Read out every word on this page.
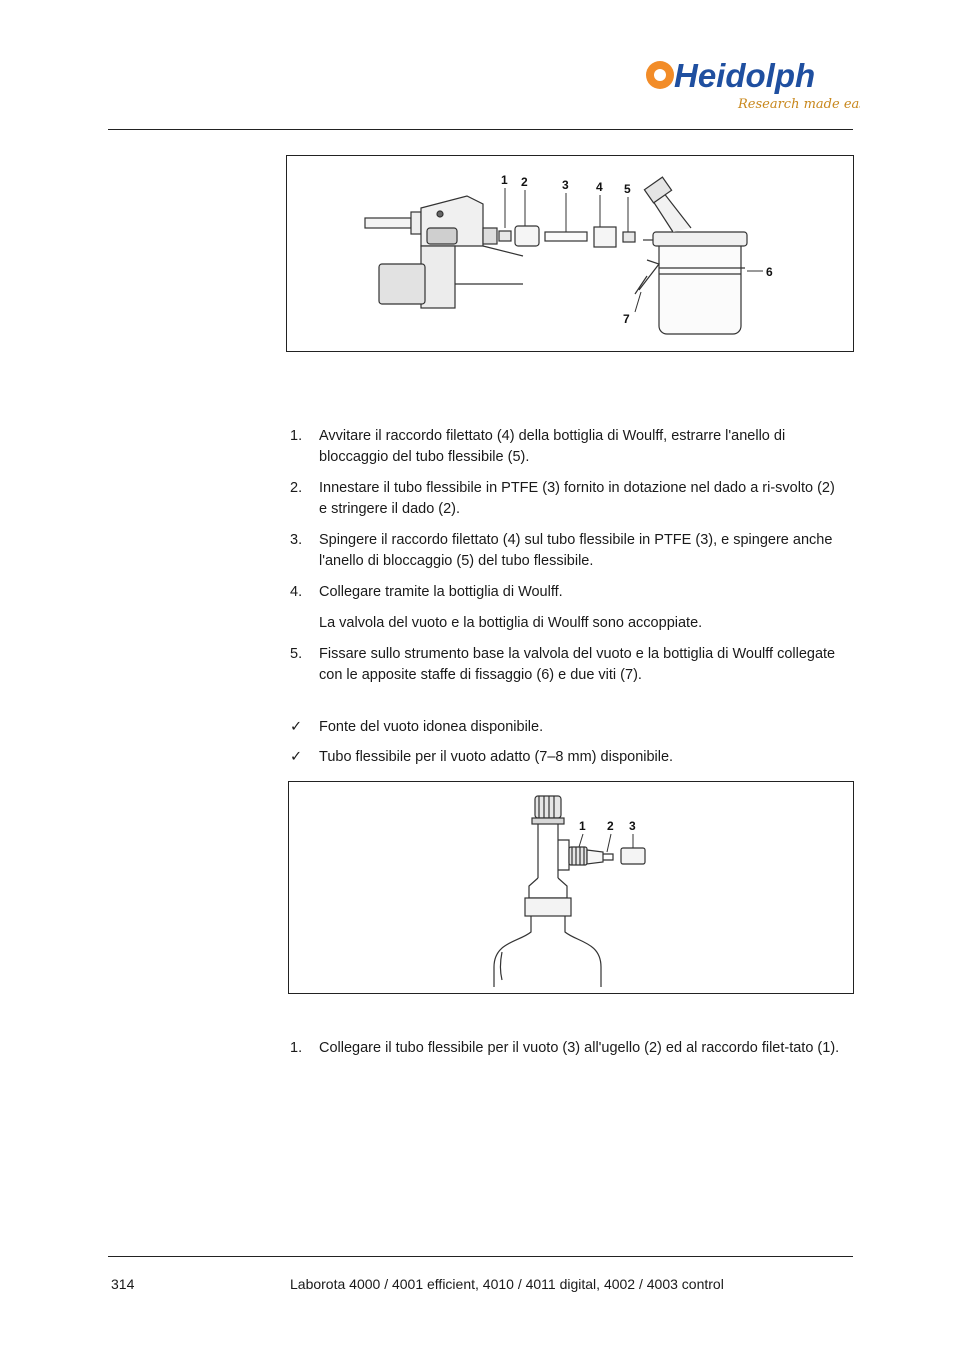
Heidolph
Research made easy
1 2	3 4 5
6
7
1. Avvitare il raccordo filettato (4) della bottiglia di Woulff, estrarre l'anello di bloccaggio del tubo flessibile (5).
2. Innestare il tubo flessibile in PTFE (3) fornito in dotazione nel dado a ri-svolto (2) e stringere il dado (2).
3. Spingere il raccordo filettato (4) sul tubo flessibile in PTFE (3), e spingere anche l'anello di bloccaggio (5) del tubo flessibile.
4. Collegare tramite la bottiglia di Woulff.
La valvola del vuoto e la bottiglia di Woulff sono accoppiate.
5. Fissare sullo strumento base la valvola del vuoto e la bottiglia di Woulff collegate con le apposite staffe di fissaggio (6) e due viti (7).
✓ Fonte del vuoto idonea disponibile.
✓ Tubo flessibile per il vuoto adatto (7–8 mm) disponibile.
1 2 3
1. Collegare il tubo flessibile per il vuoto (3) all'ugello (2) ed al raccordo filet-tato (1).
314	Laborota 4000 / 4001 efficient, 4010 / 4011 digital, 4002 / 4003 control
